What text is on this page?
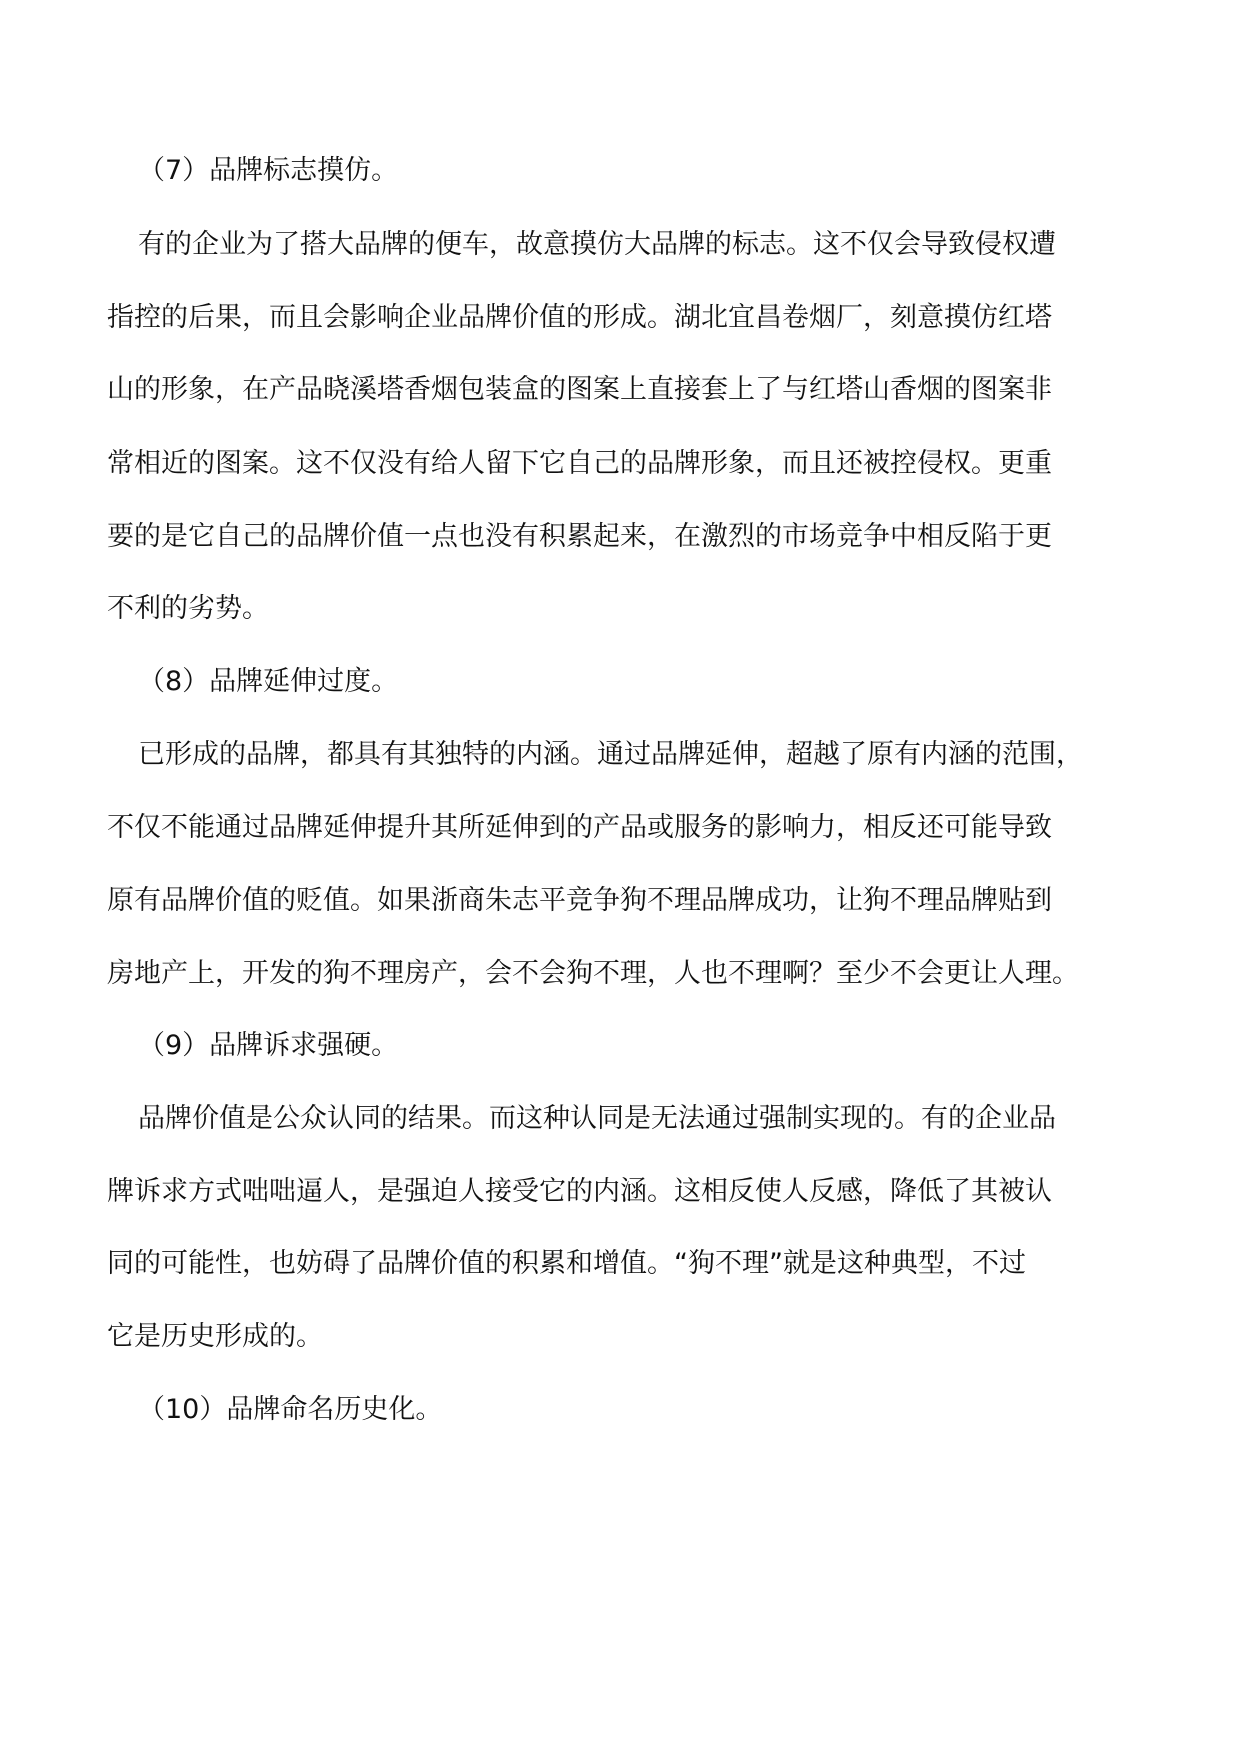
（7）品牌标志摸仿。
有的企业为了搭大品牌的便车，故意摸仿大品牌的标志。这不仅会导致侵权遭
指控的后果，而且会影响企业品牌价值的形成。湖北宜昌卷烟厂，刻意摸仿红塔
山的形象，在产品晓溪塔香烟包装盒的图案上直接套上了与红塔山香烟的图案非
常相近的图案。这不仅没有给人留下它自己的品牌形象，而且还被控侵权。更重
要的是它自己的品牌价值一点也没有积累起来，在激烈的市场竞争中相反陷于更
不利的劣势。
（8）品牌延伸过度。
已形成的品牌，都具有其独特的内涵。通过品牌延伸，超越了原有内涵的范围，
不仅不能通过品牌延伸提升其所延伸到的产品或服务的影响力，相反还可能导致
原有品牌价值的贬值。如果浙商朱志平竞争狗不理品牌成功，让狗不理品牌贴到
房地产上，开发的狗不理房产，会不会狗不理，人也不理啊？至少不会更让人理。
（9）品牌诉求强硬。
品牌价值是公众认同的结果。而这种认同是无法通过强制实现的。有的企业品
牌诉求方式咄咄逼人，是强迫人接受它的内涵。这相反使人反感，降低了其被认
同的可能性，也妨碍了品牌价值的积累和增值。“狗不理”就是这种典型，不过
它是历史形成的。
（10）品牌命名历史化。
